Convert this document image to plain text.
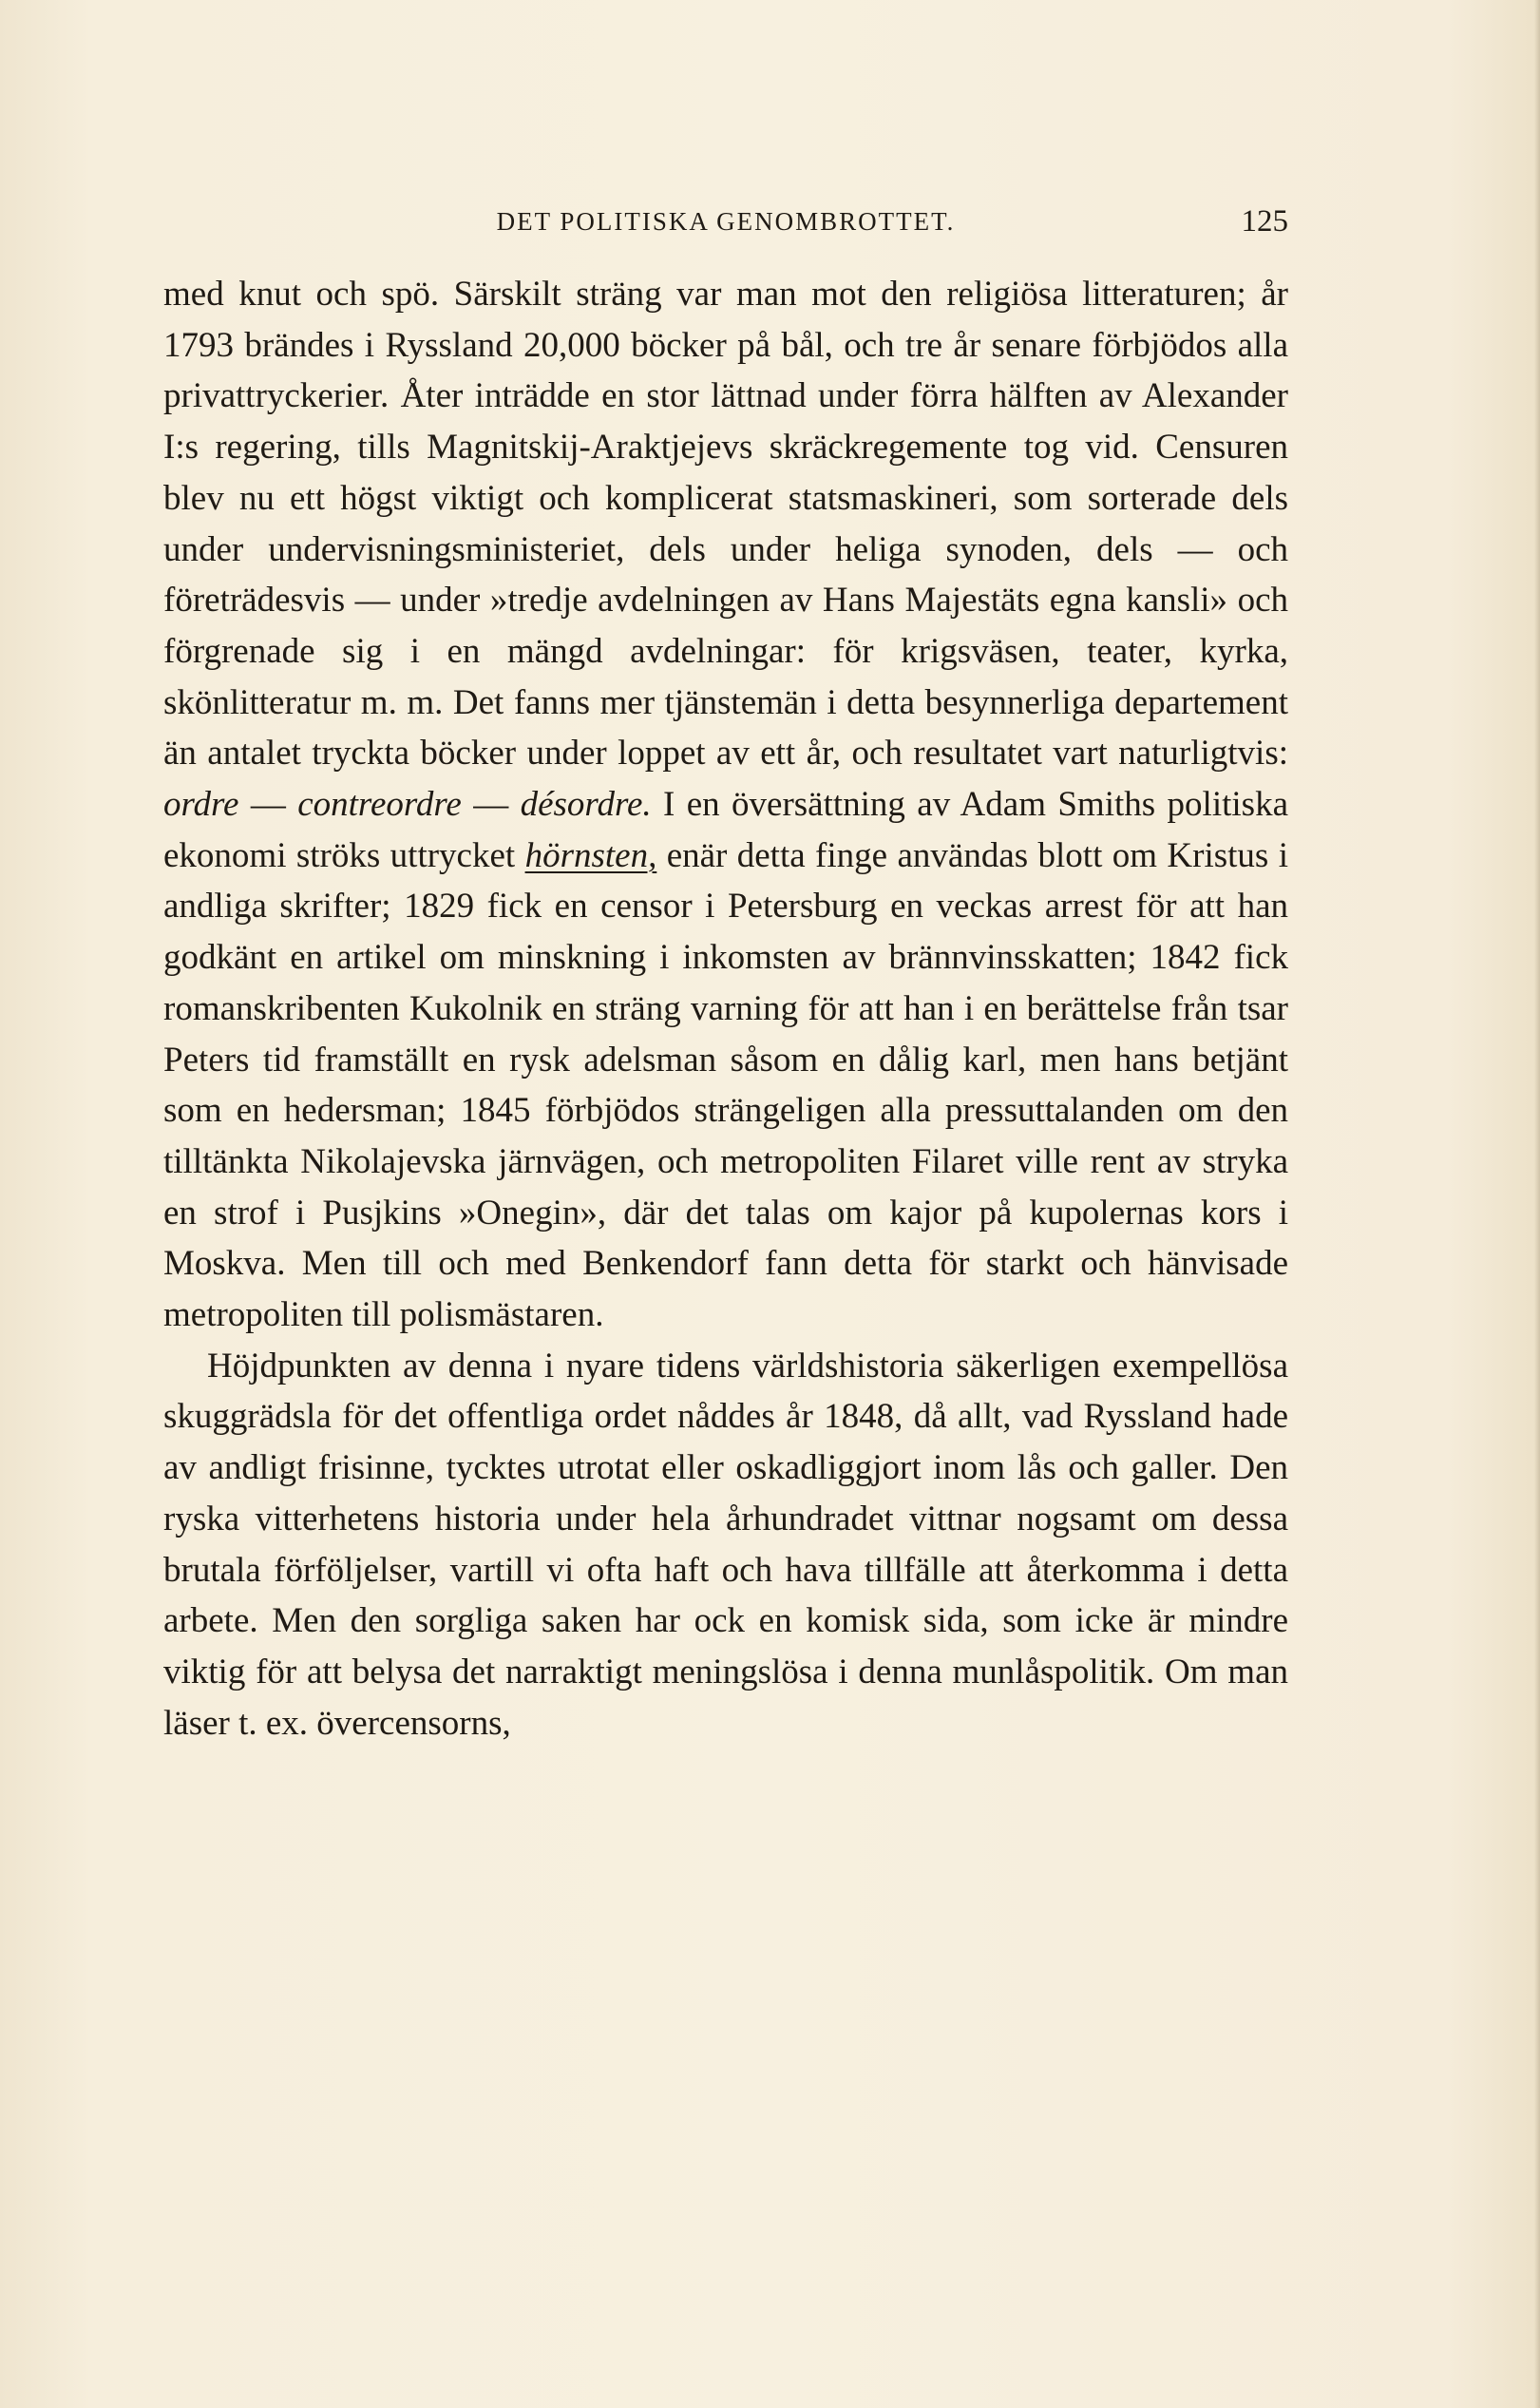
DET POLITISKA GENOMBROTTET.	125

med knut och spö. Särskilt sträng var man mot den religiösa litteraturen; år 1793 brändes i Ryssland 20,000 böcker på bål, och tre år senare förbjödos alla privattryckerier. Åter inträdde en stor lättnad under förra hälften av Alexander I:s regering, tills Magnitskij-Araktjejevs skräckregemente tog vid. Censuren blev nu ett högst viktigt och komplicerat statsmaskineri, som sorterade dels under undervisningsministeriet, dels under heliga synoden, dels — och företrädesvis — under »tredje avdelningen av Hans Majestäts egna kansli» och förgrenade sig i en mängd avdelningar: för krigsväsen, teater, kyrka, skönlitteratur m. m. Det fanns mer tjänstemän i detta besynnerliga departement än antalet tryckta böcker under loppet av ett år, och resultatet vart naturligtvis: ordre — contreordre — désordre. I en översättning av Adam Smiths politiska ekonomi ströks uttrycket hörnsten, enär detta finge användas blott om Kristus i andliga skrifter; 1829 fick en censor i Petersburg en veckas arrest för att han godkänt en artikel om minskning i inkomsten av brännvinsskatten; 1842 fick romanskribenten Kukolnik en sträng varning för att han i en berättelse från tsar Peters tid framställt en rysk adelsman såsom en dålig karl, men hans betjänt som en hedersman; 1845 förbjödos strängeligen alla pressuttalanden om den tilltänkta Nikolajevska järnvägen, och metropoliten Filaret ville rent av stryka en strof i Pusjkins »Onegin», där det talas om kajor på kupolernas kors i Moskva. Men till och med Benkendorf fann detta för starkt och hänvisade metropoliten till polismästaren.

Höjdpunkten av denna i nyare tidens världshistoria säkerligen exempellösa skuggrädsla för det offentliga ordet nåddes år 1848, då allt, vad Ryssland hade av andligt frisinne, tycktes utrotat eller oskadliggjort inom lås och galler. Den ryska vitterhetens historia under hela århundradet vittnar nogsamt om dessa brutala förföljelser, vartill vi ofta haft och hava tillfälle att återkomma i detta arbete. Men den sorgliga saken har ock en komisk sida, som icke är mindre viktig för att belysa det narraktigt meningslösa i denna munlåspolitik. Om man läser t. ex. övercensorns,
